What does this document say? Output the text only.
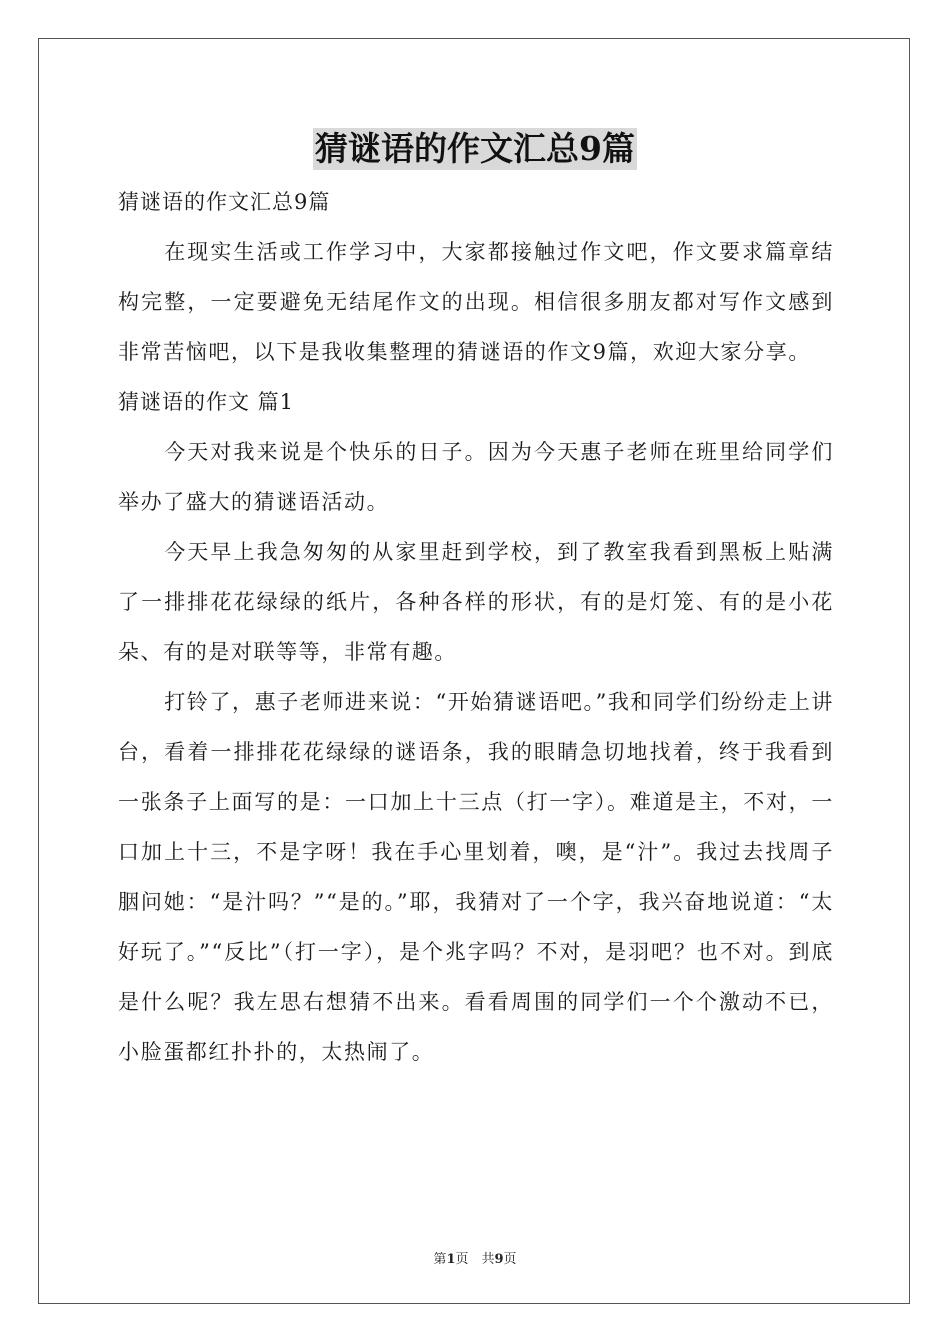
猜谜语的作文汇总9篇
猜谜语的作文汇总9篇

在现实生活或工作学习中，大家都接触过作文吧，作文要求篇章结构完整，一定要避免无结尾作文的出现。相信很多朋友都对写作文感到非常苦恼吧，以下是我收集整理的猜谜语的作文9篇，欢迎大家分享。

猜谜语的作文 篇1

今天对我来说是个快乐的日子。因为今天惠子老师在班里给同学们举办了盛大的猜谜语活动。

今天早上我急匆匆的从家里赶到学校，到了教室我看到黑板上贴满了一排排花花绿绿的纸片，各种各样的形状，有的是灯笼、有的是小花朵、有的是对联等等，非常有趣。

打铃了，惠子老师进来说：“开始猜谜语吧。”我和同学们纷纷走上讲台，看着一排排花花绿绿的谜语条，我的眼睛急切地找着，终于我看到一张条子上面写的是：一口加上十三点（打一字）。难道是主，不对，一口加上十三，不是字呀！我在手心里划着，噢，是“汁”。我过去找周子胭问她：“是汁吗？”“是的。”耶，我猜对了一个字，我兴奋地说道：“太好玩了。”“反比”（打一字），是个兆字吗？不对，是羽吧？也不对。到底是什么呢？我左思右想猜不出来。看看周围的同学们一个个激动不已，小脸蛋都红扑扑的，太热闹了。

第1页　共9页
